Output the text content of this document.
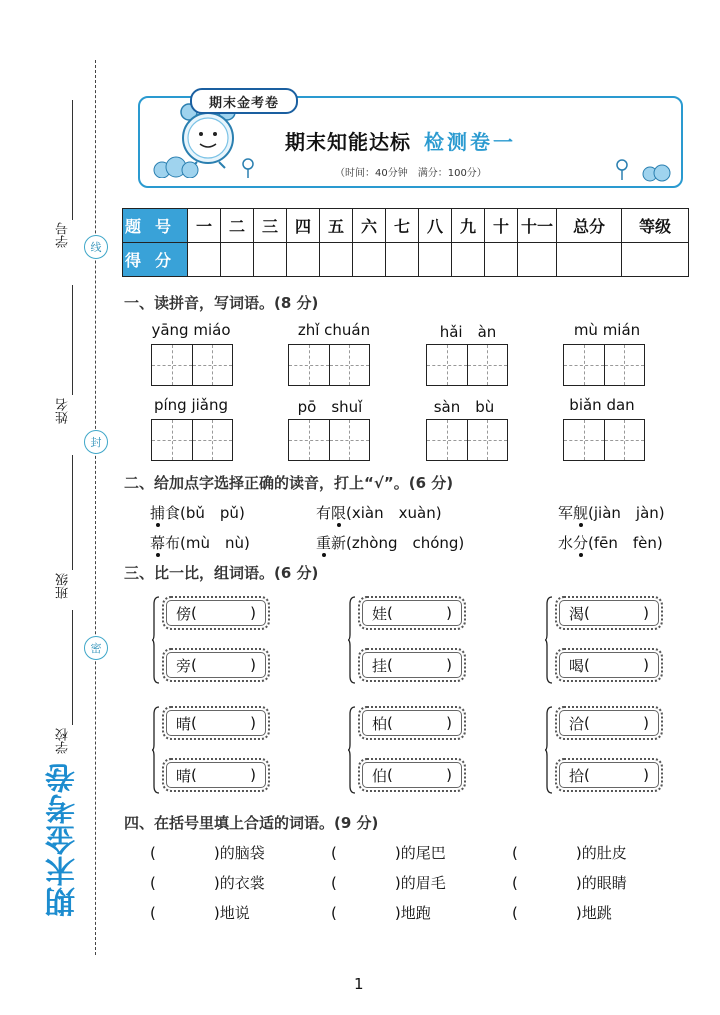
学号
姓名
班级
学校
线
封
密
期末金考卷
期末金考卷
期末知能达标 检测卷一
（时间：40分钟　满分：100分）
题号	一	二	三	四	五	六	七	八	九	十	十一	总分	等级
得分													
一、读拼音，写词语。(8 分)
yāng miáo	zhǐ chuán	hǎi　àn	mù mián
píng jiǎng	pō　shuǐ	sàn　bù	biǎn dan
二、给加点字选择正确的读音，打上“√”。(6 分)
捕食(bǔ　pǔ)	有限(xiàn　xuàn)	军舰(jiàn　jàn)
幕布(mù　nù)	重新(zhòng　chóng)	水分(fēn　fèn)
三、比一比，组词语。(6 分)
傍 (	)
旁 (	)
娃 (	)
挂 (	)
渴 (	)
喝 (	)
晴 (	)
晴 (	)
柏 (	)
伯 (	)
洽 (	)
拾 (	)
四、在括号里填上合适的词语。(9 分)
(	)的脑袋	(	)的尾巴	(	)的肚皮
(	)的衣裳	(	)的眉毛	(	)的眼睛
(	)地说	(	)地跑	(	)地跳
1
